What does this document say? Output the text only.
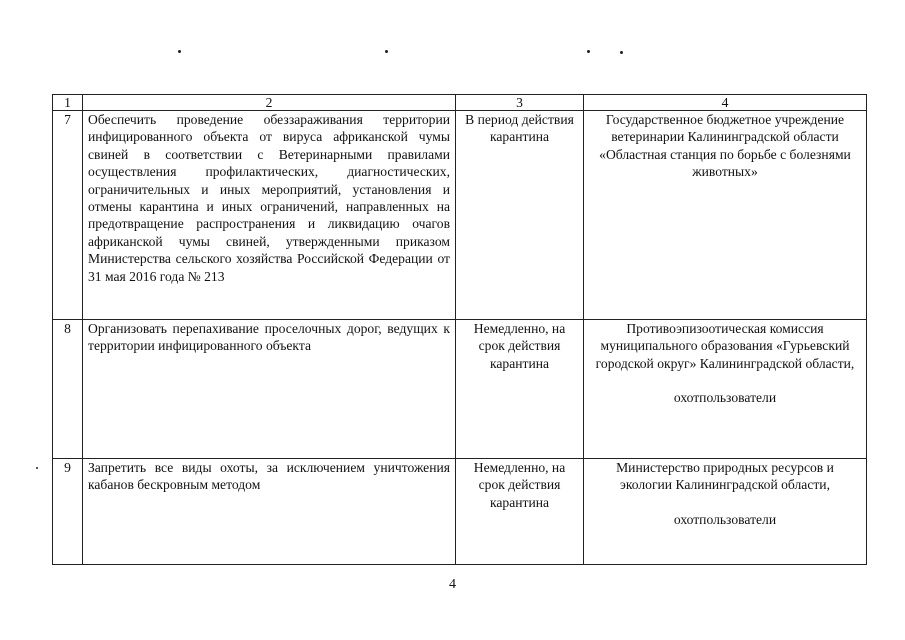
1	2	3	4
7	Обеспечить проведение обеззараживания территории инфицированного объекта от вируса африканской чумы свиней в соответствии с Ветеринарными правилами осуществления профилактических, диагностических, ограничительных и иных мероприятий, установления и отмены карантина и иных ограничений, направленных на предотвращение распространения и ликвидацию очагов африканской чумы свиней, утвержденными приказом Министерства сельского хозяйства Российской Федерации от 31 мая 2016 года № 213	В период действия карантина	Государственное бюджетное учреждение ветеринарии Калининградской области «Областная станция по борьбе с болезнями животных»

8	Организовать перепахивание проселочных дорог, ведущих к территории инфицированного объекта	Немедленно, на срок действия карантина	Противоэпизоотическая комиссия муниципального образования «Гурьевский городской округ» Калининградской области,
охотпользователи

9	Запретить все виды охоты, за исключением уничтожения кабанов бескровным методом	Немедленно, на срок действия карантина	Министерство природных ресурсов и экологии Калининградской области,
охотпользователи
4
